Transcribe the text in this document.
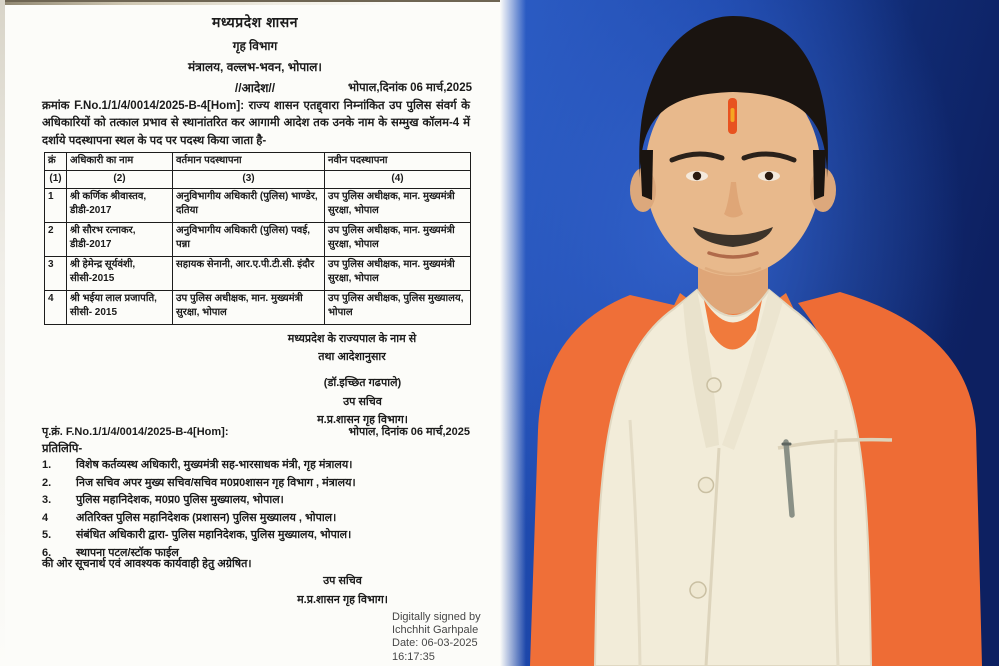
मध्यप्रदेश शासन
गृह विभाग
मंत्रालय, वल्लभ-भवन, भोपाल।
//आदेश//	भोपाल,दिनांक 06 मार्च,2025
क्रमांक F.No.1/1/4/0014/2025-B-4[Hom]: राज्य शासन एतद्द्वारा निम्नांकित उप पुलिस संवर्ग के अधिकारियों को तत्काल प्रभाव से स्थानांतरित कर आगामी आदेश तक उनके नाम के सम्मुख कॉलम-4 में दर्शाये पदस्थापना स्थल के पद पर पदस्थ किया जाता है-
क्रं	अधिकारी का नाम	वर्तमान पदस्थापना	नवीन पदस्थापना
(1)	(2)	(3)	(4)
1	श्री कर्णिक श्रीवास्तव, डीडी-2017	अनुविभागीय अधिकारी (पुलिस) भाण्डेर, दतिया	उप पुलिस अधीक्षक, मान. मुख्यमंत्री सुरक्षा, भोपाल
2	श्री सौरभ रत्नाकर, डीडी-2017	अनुविभागीय अधिकारी (पुलिस) पवई, पन्ना	उप पुलिस अधीक्षक, मान. मुख्यमंत्री सुरक्षा, भोपाल
3	श्री हेमेन्द्र सूर्यवंशी, सीसी-2015	सहायक सेनानी, आर.ए.पी.टी.सी. इंदौर	उप पुलिस अधीक्षक, मान. मुख्यमंत्री सुरक्षा, भोपाल
4	श्री भईया लाल प्रजापति, सीसी- 2015	उप पुलिस अधीक्षक, मान. मुख्यमंत्री सुरक्षा, भोपाल	उप पुलिस अधीक्षक, पुलिस मुख्यालय, भोपाल
मध्यप्रदेश के राज्यपाल के नाम से
तथा आदेशानुसार
(डॉ.इच्छित गढपाले)
उप सचिव
म.प्र.शासन गृह विभाग।
पृ.क्रं. F.No.1/1/4/0014/2025-B-4[Hom]:	भोपाल, दिनांक 06 मार्च,2025
प्रतिलिपि-
1.	विशेष कर्तव्यस्थ अधिकारी, मुख्यमंत्री सह-भारसाधक मंत्री, गृह मंत्रालय।
2.	निज सचिव अपर मुख्य सचिव/सचिव म0प्र0शासन गृह विभाग , मंत्रालय।
3.	पुलिस महानिदेशक, म0प्र0 पुलिस मुख्यालय, भोपाल।
4	अतिरिक्त पुलिस महानिदेशक (प्रशासन) पुलिस मुख्यालय , भोपाल।
5.	संबंधित अधिकारी द्वारा- पुलिस महानिदेशक, पुलिस मुख्यालय, भोपाल।
6.	स्थापना पटल/स्टॉक फाईल
की ओर सूचनार्थ एवं आवश्यक कार्यवाही हेतु अग्रेषित।
उप सचिव
म.प्र.शासन गृह विभाग।
Digitally signed by
Ichchhit Garhpale
Date: 06-03-2025
16:17:35
